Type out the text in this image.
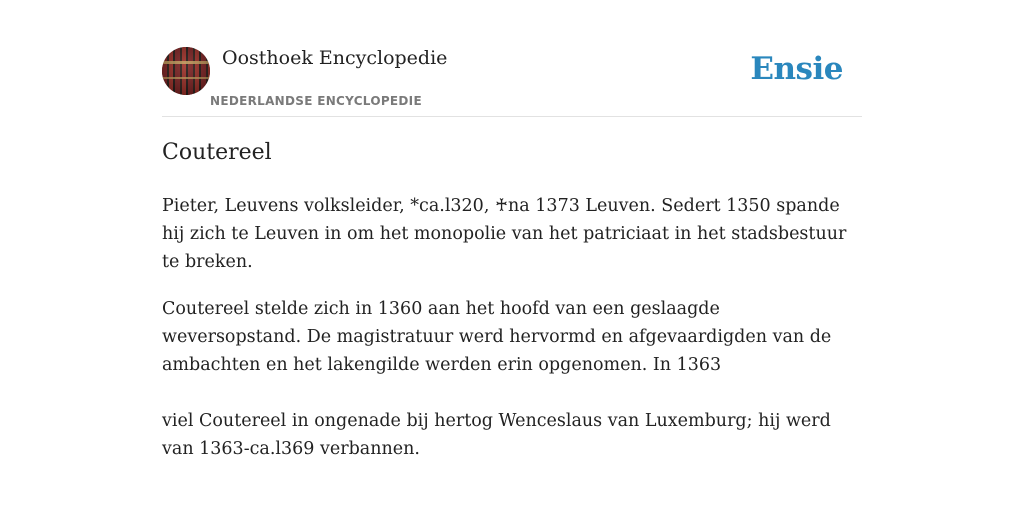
Oosthoek Encyclopedie
NEDERLANDSE ENCYCLOPEDIE
Ensie
Coutereel

Pieter, Leuvens volksleider, *ca.l320, ♰na 1373 Leuven. Sedert 1350 spande hij zich te Leuven in om het monopolie van het patriciaat in het stadsbestuur te breken.

Coutereel stelde zich in 1360 aan het hoofd van een geslaagde weversopstand. De magistratuur werd hervormd en afgevaardigden van de ambachten en het lakengilde werden erin opgenomen. In 1363

viel Coutereel in ongenade bij hertog Wenceslaus van Luxemburg; hij werd van 1363-ca.l369 verbannen.
